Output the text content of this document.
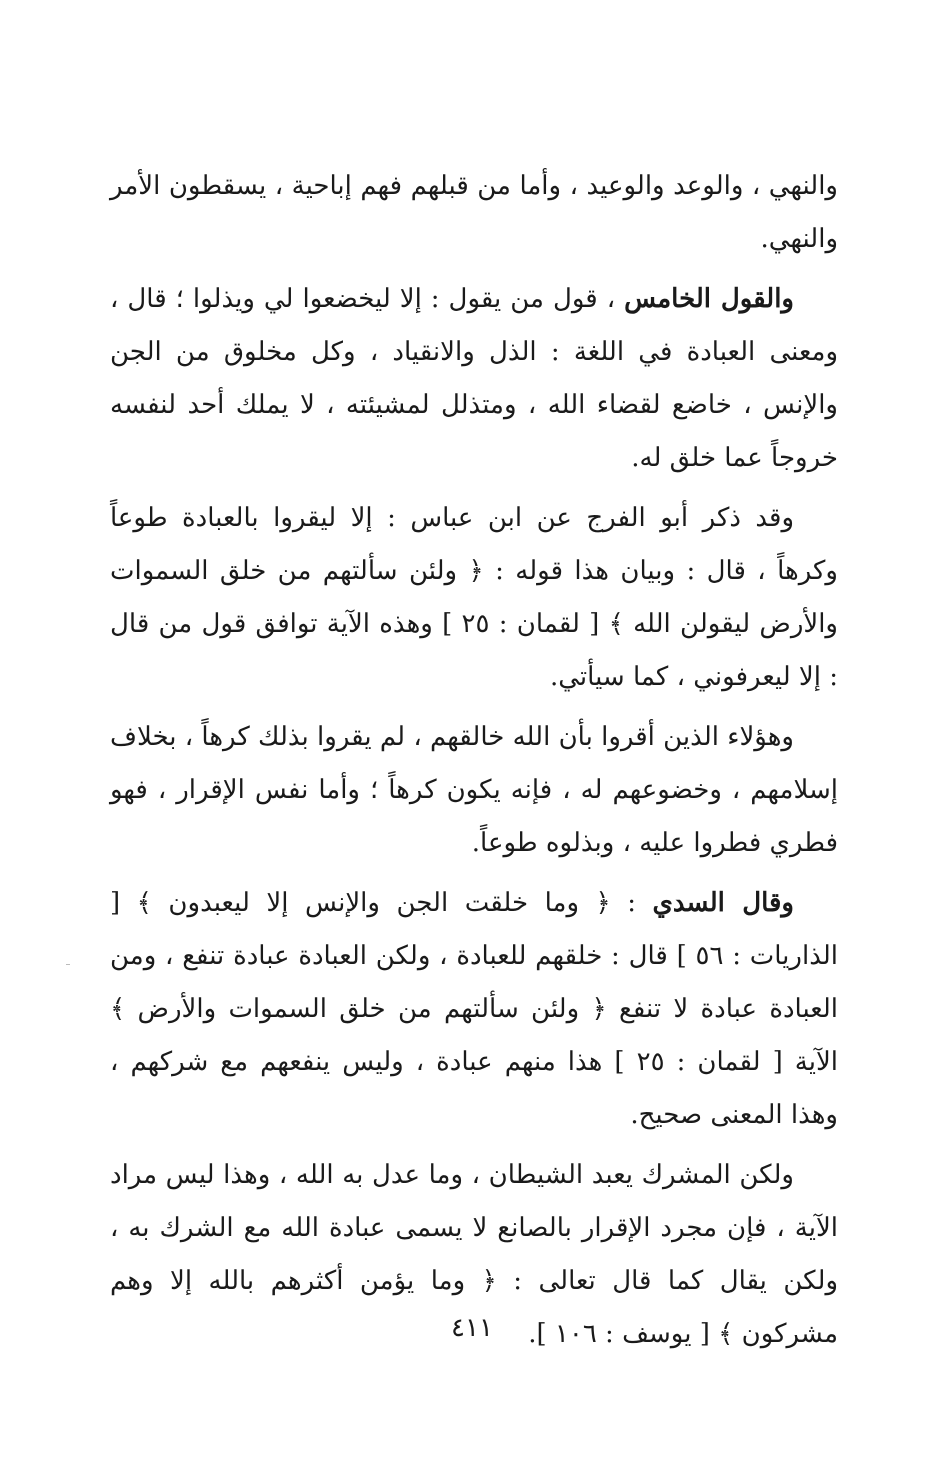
والنهي ، والوعد والوعيد ، وأما من قبلهم فهم إباحية ، يسقطون الأمر والنهي.

والقول الخامس ، قول من يقول : إلا ليخضعوا لي ويذلوا ؛ قال ، ومعنى العبادة في اللغة : الذل والانقياد ، وكل مخلوق من الجن والإنس ، خاضع لقضاء الله ، ومتذلل لمشيئته ، لا يملك أحد لنفسه خروجاً عما خلق له.

وقد ذكر أبو الفرج عن ابن عباس : إلا ليقروا بالعبادة طوعاً وكرهاً ، قال : وبيان هذا قوله : ﴿ ولئن سألتهم من خلق السموات والأرض ليقولن الله ﴾ [ لقمان : ٢٥ ] وهذه الآية توافق قول من قال : إلا ليعرفوني ، كما سيأتي.

وهؤلاء الذين أقروا بأن الله خالقهم ، لم يقروا بذلك كرهاً ، بخلاف إسلامهم ، وخضوعهم له ، فإنه يكون كرهاً ؛ وأما نفس الإقرار ، فهو فطري فطروا عليه ، وبذلوه طوعاً.

وقال السدي : ﴿ وما خلقت الجن والإنس إلا ليعبدون ﴾ [ الذاريات : ٥٦ ] قال : خلقهم للعبادة ، ولكن العبادة عبادة تنفع ، ومن العبادة عبادة لا تنفع ﴿ ولئن سألتهم من خلق السموات والأرض ﴾ الآية [ لقمان : ٢٥ ] هذا منهم عبادة ، وليس ينفعهم مع شركهم ، وهذا المعنى صحيح.

ولكن المشرك يعبد الشيطان ، وما عدل به الله ، وهذا ليس مراد الآية ، فإن مجرد الإقرار بالصانع لا يسمى عبادة الله مع الشرك به ، ولكن يقال كما قال تعالى : ﴿ وما يؤمن أكثرهم بالله إلا وهم مشركون ﴾ [ يوسف : ١٠٦ ].

٤١١
